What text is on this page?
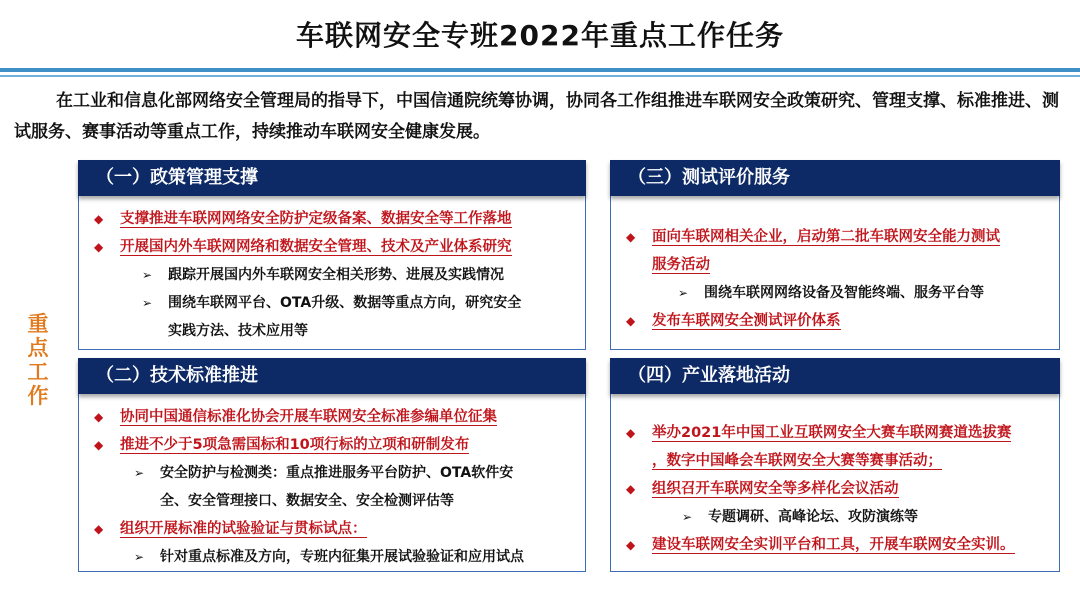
车联网安全专班2022年重点工作任务
在工业和信息化部网络安全管理局的指导下，中国信通院统筹协调，协同各工作组推进车联网安全政策研究、管理支撑、标准推进、测试服务、赛事活动等重点工作，持续推动车联网安全健康发展。
重
点
工
作
（一）政策管理支撑
◆ 支撑推进车联网网络安全防护定级备案、数据安全等工作落地
◆ 开展国内外车联网网络和数据安全管理、技术及产业体系研究
➢ 跟踪开展国内外车联网安全相关形势、进展及实践情况
➢ 围绕车联网平台、OTA升级、数据等重点方向，研究安全
实践方法、技术应用等
（二）技术标准推进
◆ 协同中国通信标准化协会开展车联网安全标准参编单位征集
◆ 推进不少于5项急需国标和10项行标的立项和研制发布
➢ 安全防护与检测类：重点推进服务平台防护、OTA软件安
全、安全管理接口、数据安全、安全检测评估等
◆ 组织开展标准的试验验证与贯标试点：
➢ 针对重点标准及方向，专班内征集开展试验验证和应用试点
（三）测试评价服务
◆ 面向车联网相关企业，启动第二批车联网安全能力测试
服务活动
➢ 围绕车联网网络设备及智能终端、服务平台等
◆ 发布车联网安全测试评价体系
（四）产业落地活动
◆ 举办2021年中国工业互联网安全大赛车联网赛道选拔赛
，数字中国峰会车联网安全大赛等赛事活动；
◆ 组织召开车联网安全等多样化会议活动
➢ 专题调研、高峰论坛、攻防演练等
◆ 建设车联网安全实训平台和工具，开展车联网安全实训。
